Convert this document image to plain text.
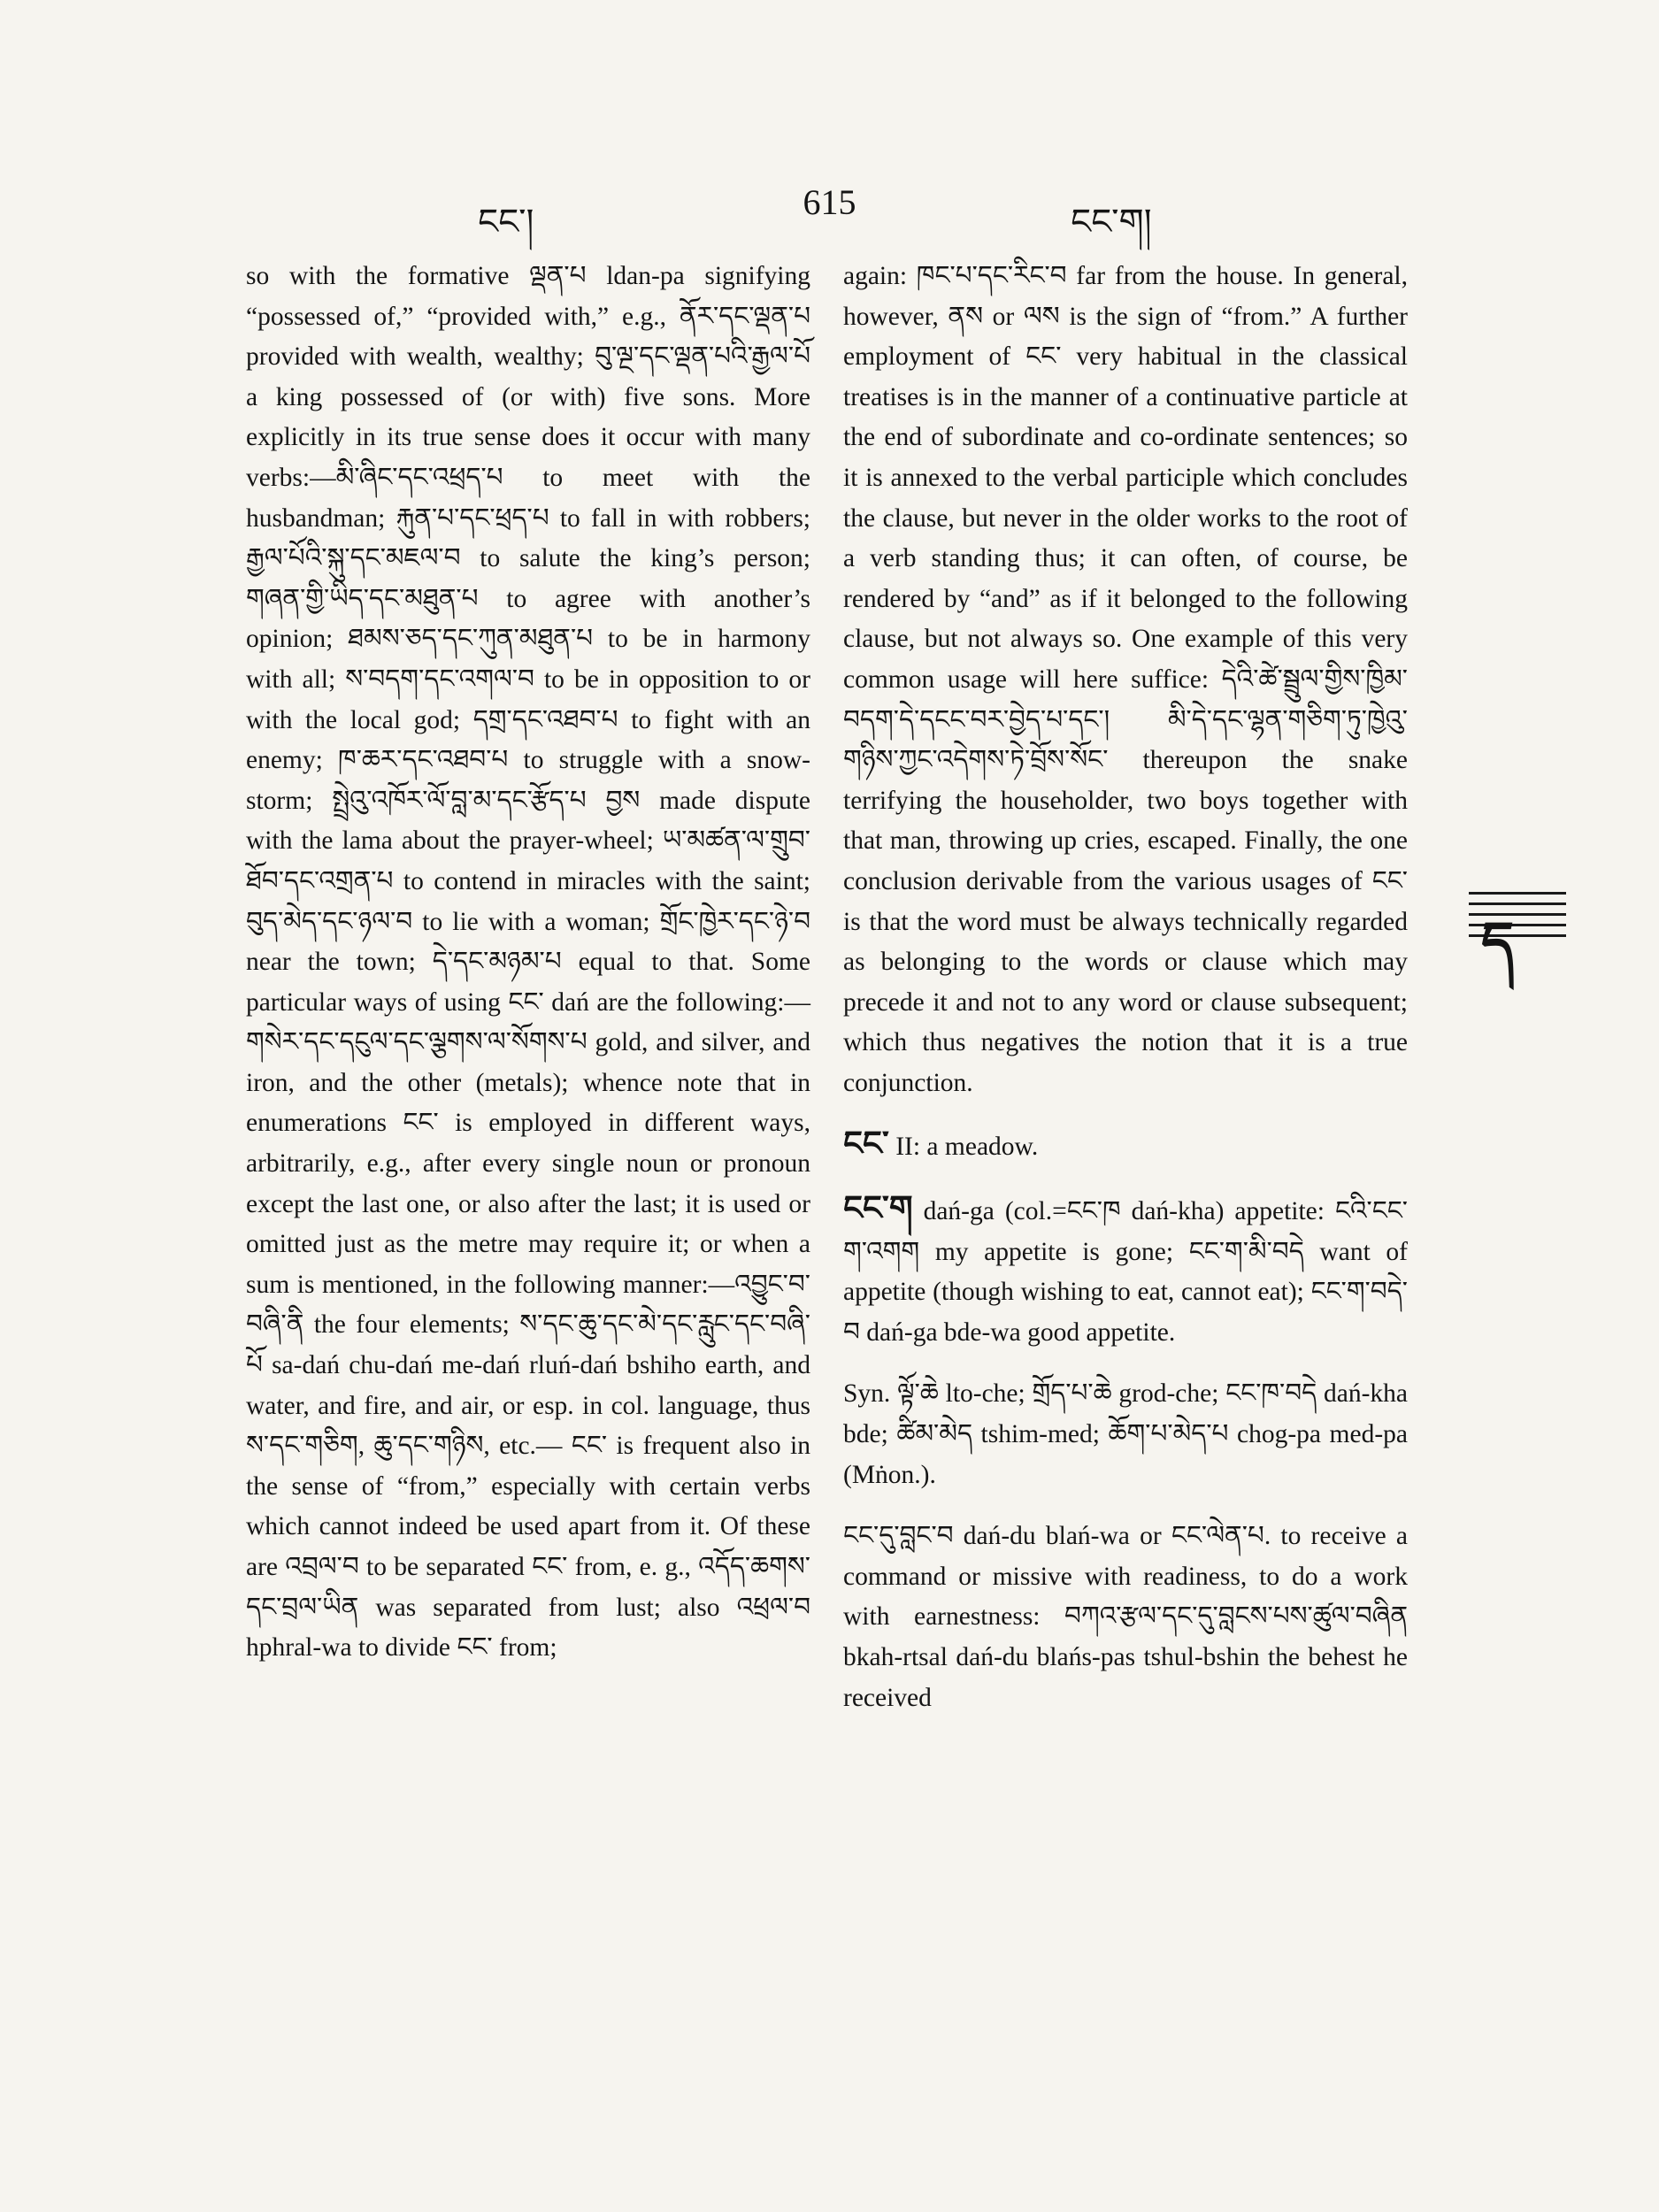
ངང་།	615	ངང་ག།

so with the formative ལྡན་པ ldan-pa signifying “possessed of,” “provided with,” e.g., ནོར་དང་ལྡན་པ provided with wealth, wealthy; བུ་ལྔ་དང་ལྡན་པའི་རྒྱལ་པོ a king possessed of (or with) five sons. More explicitly in its true sense does it occur with many verbs:—མི་ཞིང་དང་འཕྲད་པ to meet with the husbandman; རྐུན་པ་དང་ཕྲད་པ to fall in with robbers; རྒྱལ་པོའི་སྐུ་དང་མཇལ་བ to salute the king’s person; གཞན་གྱི་ཡིད་དང་མཐུན་པ to agree with another’s opinion; ཐམས་ཅད་དང་ཀུན་མཐུན་པ to be in harmony with all; ས་བདག་དང་འགལ་བ to be in opposition to or with the local god; དགྲ་དང་འཐབ་པ to fight with an enemy; ཁ་ཆར་དང་འཐབ་པ to struggle with a snow-storm; སྤྲེའུ་འཁོར་ལོ་བླ་མ་དང་རྩོད་པ བྱས made dispute with the lama about the prayer-wheel; ཡ་མཚན་ལ་གྲུབ་ཐོབ་དང་འགྲན་པ to contend in miracles with the saint; བུད་མེད་དང་ཉལ་བ to lie with a woman; གྲོང་ཁྱེར་དང་ཉེ་བ near the town; དེ་དང་མཉམ་པ equal to that. Some particular ways of using ངང་ dań are the following:—གསེར་དང་དངུལ་དང་ལྕགས་ལ་སོགས་པ gold, and silver, and iron, and the other (metals); whence note that in enumerations ངང་ is employed in different ways, arbitrarily, e.g., after every single noun or pronoun except the last one, or also after the last; it is used or omitted just as the metre may require it; or when a sum is mentioned, in the following manner:—འབྱུང་བ་བཞི་ནི the four elements; ས་དང་ཆུ་དང་མེ་དང་རླུང་དང་བཞི་པོ sa-dań chu-dań me-dań rluń-dań bshiho earth, and water, and fire, and air, or esp. in col. language, thus ས་དང་གཅིག, ཆུ་དང་གཉིས, etc.— ངང་ is frequent also in the sense of “from,” especially with certain verbs which cannot indeed be used apart from it. Of these are འབྲལ་བ to be separated ངང་ from, e. g., འདོད་ཆགས་དང་བྲལ་ཡིན was separated from lust; also འཕྲལ་བ hphral-wa to divide ངང་ from;

again: ཁང་པ་དང་རིང་བ far from the house. In general, however, ནས or ལས is the sign of “from.” A further employment of ངང་ very habitual in the classical treatises is in the manner of a continuative particle at the end of subordinate and co-ordinate sentences; so it is annexed to the verbal participle which concludes the clause, but never in the older works to the root of a verb standing thus; it can often, of course, be rendered by “and” as if it belonged to the following clause, but not always so. One example of this very common usage will here suffice: དེའི་ཚེ་སྦྲུལ་གྱིས་ཁྱིམ་བདག་དེ་དངང་བར་བྱེད་པ་དང་། མི་དེ་དང་ལྷན་གཅིག་ཏུ་ཁྱེའུ་གཉིས་ཀྱང་འདེགས་ཏེ་བྲོས་སོང་ thereupon the snake terrifying the householder, two boys together with that man, throwing up cries, escaped. Finally, the one conclusion derivable from the various usages of ངང་ is that the word must be always technically regarded as belonging to the words or clause which may precede it and not to any word or clause subsequent; which thus negatives the notion that it is a true conjunction.

ངང་ II: a meadow.

ངང་ག dań-ga (col.=ངང་ཁ dań-kha) appetite: ངའི་ངང་ག་འགག my appetite is gone; ངང་ག་མི་བདེ want of appetite (though wishing to eat, cannot eat); ངང་ག་བདེ་བ dań-ga bde-wa good appetite.

Syn. ལྟོ་ཆེ lto-che; གྲོད་པ་ཆེ grod-che; ངང་ཁ་བདེ dań-kha bde; ཚིམ་མེད tshim-med; ཆོག་པ་མེད་པ chog-pa med-pa (Mṅon.).

ངང་དུ་བླང་བ dań-du blań-wa or ངང་ལེན་པ. to receive a command or missive with readiness, to do a work with earnestness: བཀའ་རྩལ་དང་དུ་བླངས་པས་ཚུལ་བཞིན bkah-rtsal dań-du blańs-pas tshul-bshin the behest he received

ད
